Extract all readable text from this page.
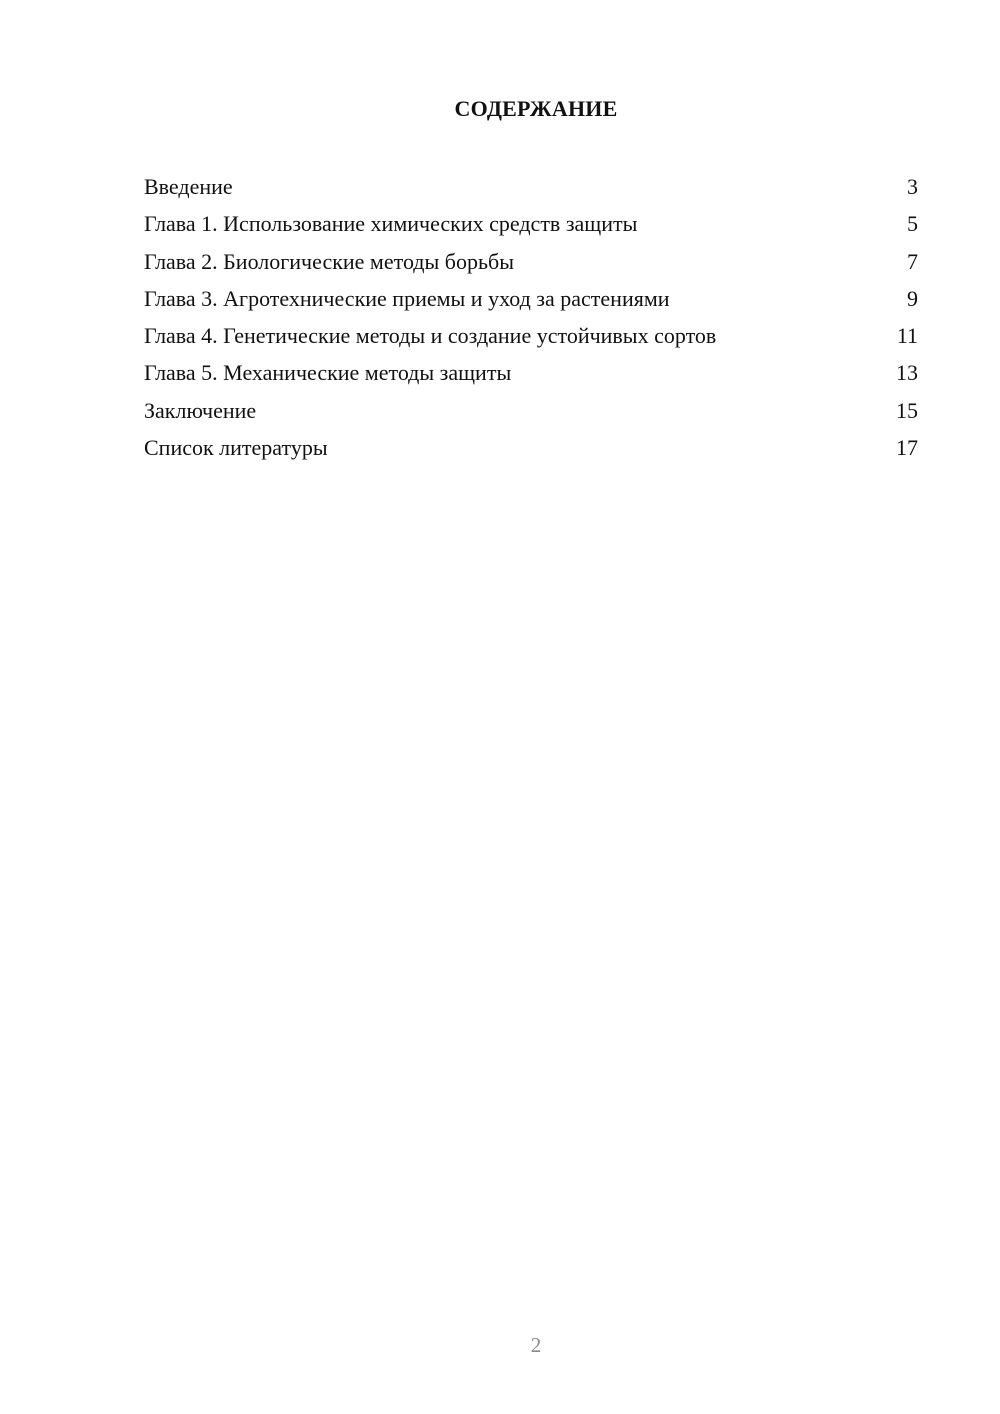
СОДЕРЖАНИЕ
Введение	3
Глава 1. Использование химических средств защиты	5
Глава 2. Биологические методы борьбы	7
Глава 3. Агротехнические приемы и уход за растениями	9
Глава 4. Генетические методы и создание устойчивых сортов	11
Глава 5. Механические методы защиты	13
Заключение	15
Список литературы	17

2
